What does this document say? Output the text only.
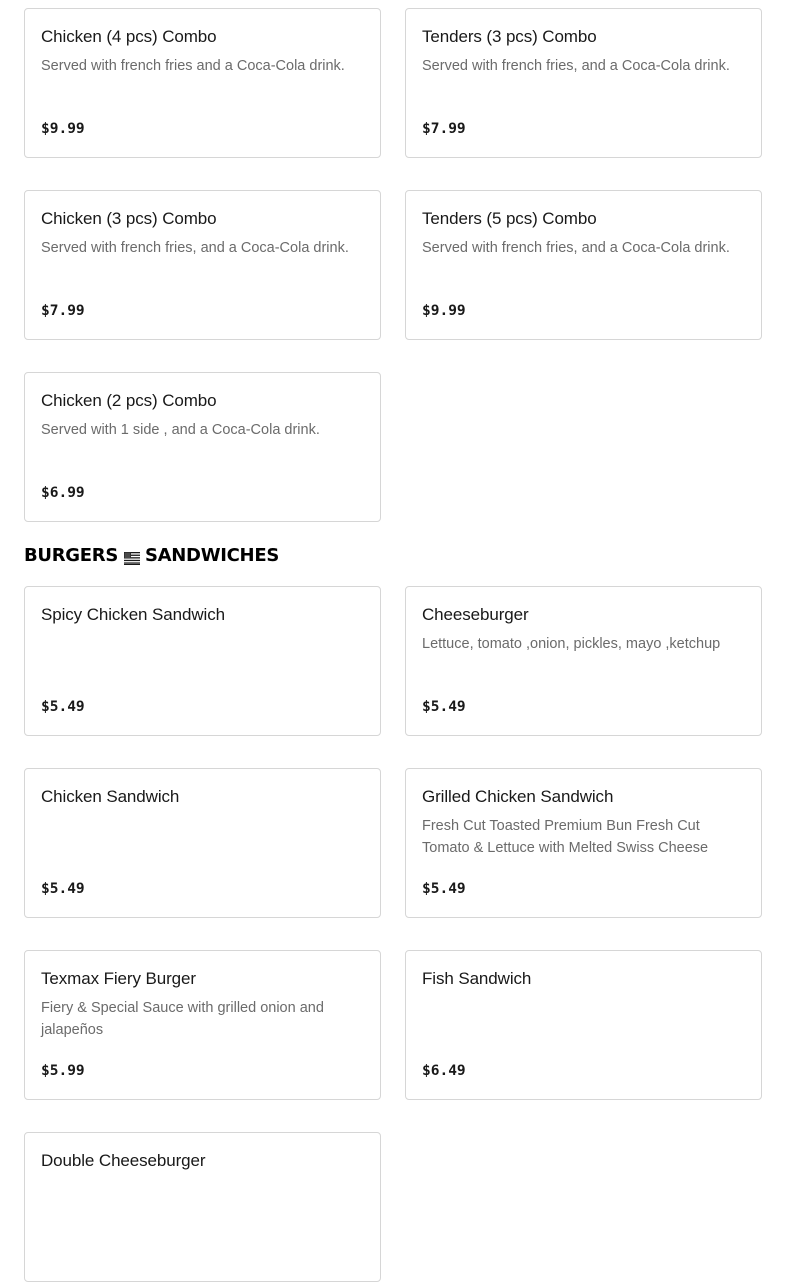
Chicken (4 pcs) Combo
Served with french fries and a Coca-Cola drink.
$9.99
Tenders (3 pcs) Combo
Served with french fries, and a Coca-Cola drink.
$7.99
Chicken (3 pcs) Combo
Served with french fries, and a Coca-Cola drink.
$7.99
Tenders (5 pcs) Combo
Served with french fries, and a Coca-Cola drink.
$9.99
Chicken (2 pcs) Combo
Served with 1 side , and a Coca-Cola drink.
$6.99
BURGERS SANDWICHES
Spicy Chicken Sandwich
$5.49
Cheeseburger
Lettuce, tomato ,onion, pickles, mayo ,ketchup
$5.49
Chicken Sandwich
$5.49
Grilled Chicken Sandwich
Fresh Cut Toasted Premium Bun Fresh Cut Tomato & Lettuce with Melted Swiss Cheese
$5.49
Texmax Fiery Burger
Fiery & Special Sauce with grilled onion and jalapeños
$5.99
Fish Sandwich
$6.49
Double Cheeseburger
